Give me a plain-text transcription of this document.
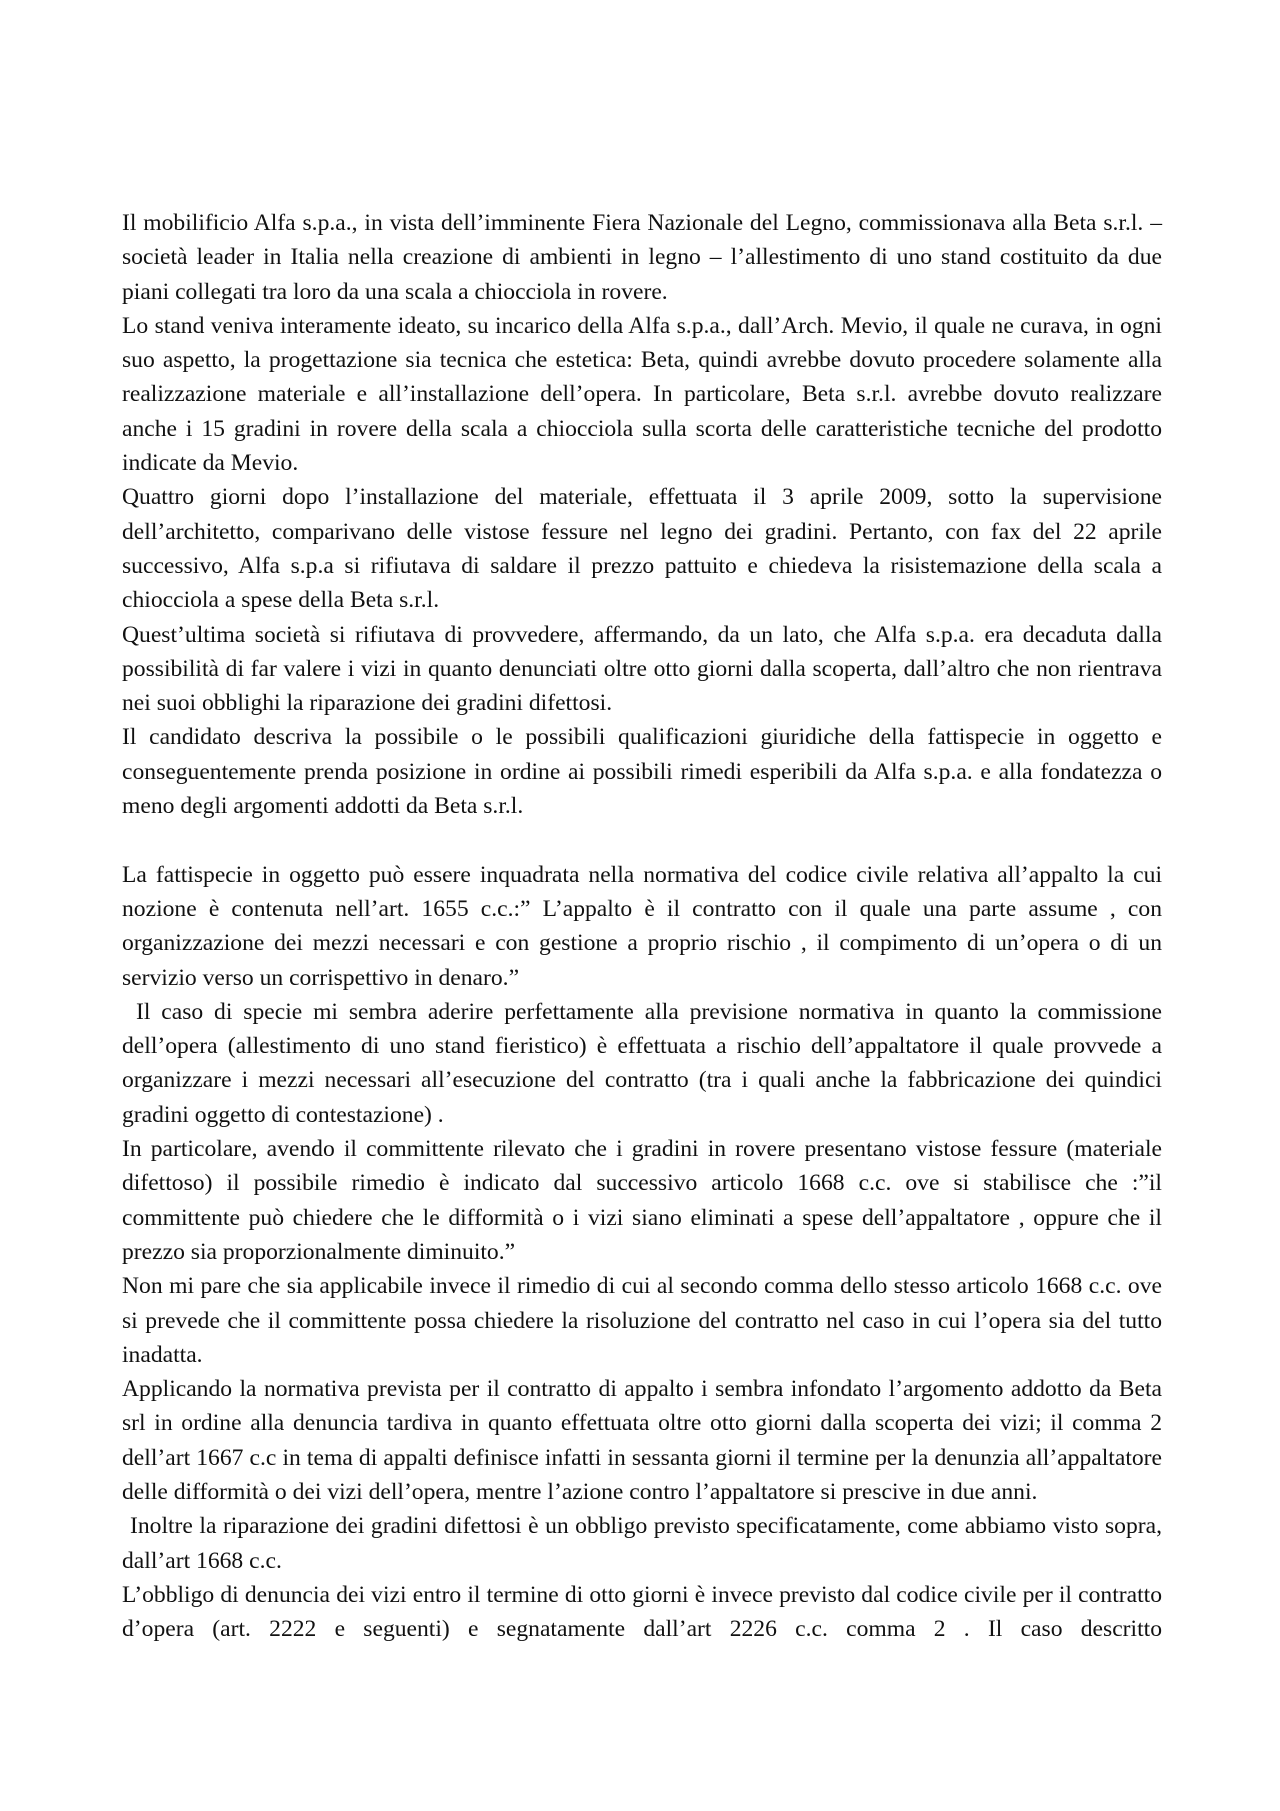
Il mobilificio Alfa s.p.a., in vista dell’imminente Fiera Nazionale del Legno, commissionava alla Beta s.r.l. – società leader in Italia nella creazione di ambienti in legno – l’allestimento di uno stand costituito da due piani collegati tra loro da una scala a chiocciola in rovere.

Lo stand veniva interamente ideato, su incarico della Alfa s.p.a., dall’Arch. Mevio, il quale ne curava, in ogni suo aspetto, la progettazione sia tecnica che estetica: Beta, quindi avrebbe dovuto procedere solamente alla realizzazione materiale e all’installazione dell’opera. In particolare, Beta s.r.l. avrebbe dovuto realizzare anche i 15 gradini in rovere della scala a chiocciola sulla scorta delle caratteristiche tecniche del prodotto indicate da Mevio.

Quattro giorni dopo l’installazione del materiale, effettuata il 3 aprile 2009, sotto la supervisione dell’architetto, comparivano delle vistose fessure nel legno dei gradini. Pertanto, con fax del 22 aprile successivo, Alfa s.p.a si rifiutava di saldare il prezzo pattuito e chiedeva la risistemazione della scala a chiocciola a spese della Beta s.r.l.

Quest’ultima società si rifiutava di provvedere, affermando, da un lato, che Alfa s.p.a. era decaduta dalla possibilità di far valere i vizi in quanto denunciati oltre otto giorni dalla scoperta, dall’altro che non rientrava nei suoi obblighi la riparazione dei gradini difettosi.

Il candidato descriva la possibile o le possibili qualificazioni giuridiche della fattispecie in oggetto e conseguentemente prenda posizione in ordine ai possibili rimedi esperibili da Alfa s.p.a. e alla fondatezza o meno degli argomenti addotti da Beta s.r.l.

La fattispecie in oggetto può essere inquadrata nella normativa del codice civile relativa all’appalto la cui nozione è contenuta nell’art. 1655 c.c.:” L’appalto è il contratto con il quale una parte assume , con organizzazione dei mezzi necessari e con gestione a proprio rischio , il compimento di un’opera o di un servizio verso un corrispettivo in denaro.”

Il caso di specie mi sembra aderire perfettamente alla previsione normativa in quanto la commissione dell’opera (allestimento di uno stand fieristico) è effettuata a rischio dell’appaltatore il quale provvede a organizzare i mezzi necessari all’esecuzione del contratto (tra i quali anche la fabbricazione dei quindici gradini oggetto di contestazione) .

In particolare, avendo il committente rilevato che i gradini in rovere presentano vistose fessure (materiale difettoso) il possibile rimedio è indicato dal successivo articolo 1668 c.c. ove si stabilisce che :”il committente può chiedere che le difformità o i vizi siano eliminati a spese dell’appaltatore , oppure che il prezzo sia proporzionalmente diminuito.”

Non mi pare che sia applicabile invece il rimedio di cui al secondo comma dello stesso articolo 1668 c.c. ove si prevede che il committente possa chiedere la risoluzione del contratto nel caso in cui l’opera sia del tutto inadatta.

Applicando la normativa prevista per il contratto di appalto i sembra infondato l’argomento addotto da Beta srl in ordine alla denuncia tardiva in quanto effettuata oltre otto giorni dalla scoperta dei vizi; il comma 2 dell’art 1667 c.c in tema di appalti definisce infatti in sessanta giorni il termine per la denunzia all’appaltatore delle difformità o dei vizi dell’opera, mentre l’azione contro l’appaltatore si prescive in due anni.

Inoltre la riparazione dei gradini difettosi è un obbligo previsto specificatamente, come abbiamo visto sopra, dall’art 1668 c.c.

L’obbligo di denuncia dei vizi entro il termine di otto giorni è invece previsto dal codice civile per il contratto d’opera (art. 2222 e seguenti) e segnatamente dall’art 2226 c.c. comma 2 . Il caso descritto
